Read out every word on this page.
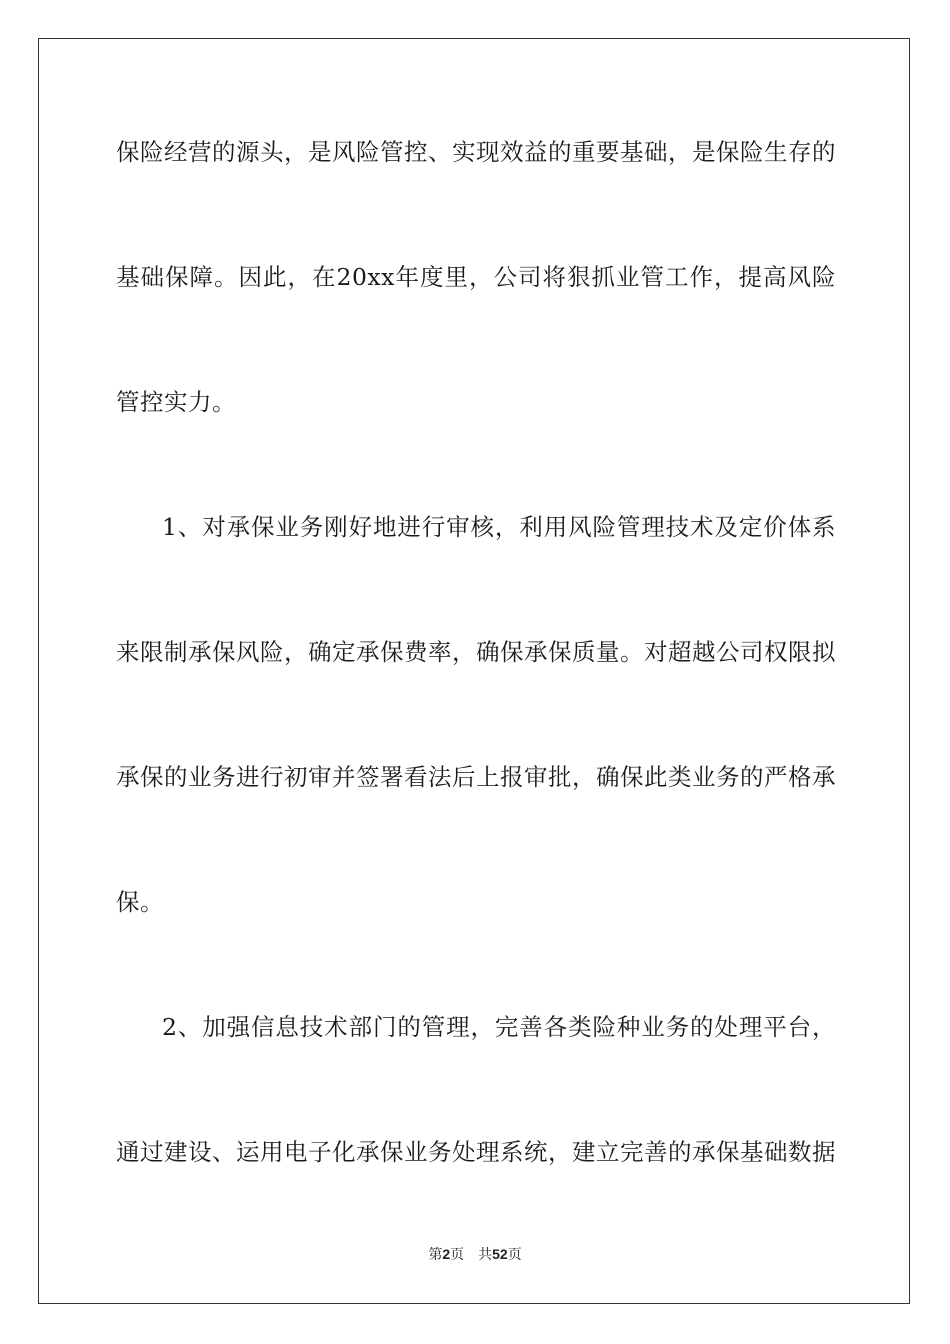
保险经营的源头，是风险管控、实现效益的重要基础，是保险生存的
基础保障。因此，在20xx年度里，公司将狠抓业管工作，提高风险
管控实力。
1、对承保业务刚好地进行审核，利用风险管理技术及定价体系
来限制承保风险，确定承保费率，确保承保质量。对超越公司权限拟
承保的业务进行初审并签署看法后上报审批，确保此类业务的严格承
保。
2、加强信息技术部门的管理，完善各类险种业务的处理平台，
通过建设、运用电子化承保业务处理系统，建立完善的承保基础数据
第2页 共52页
